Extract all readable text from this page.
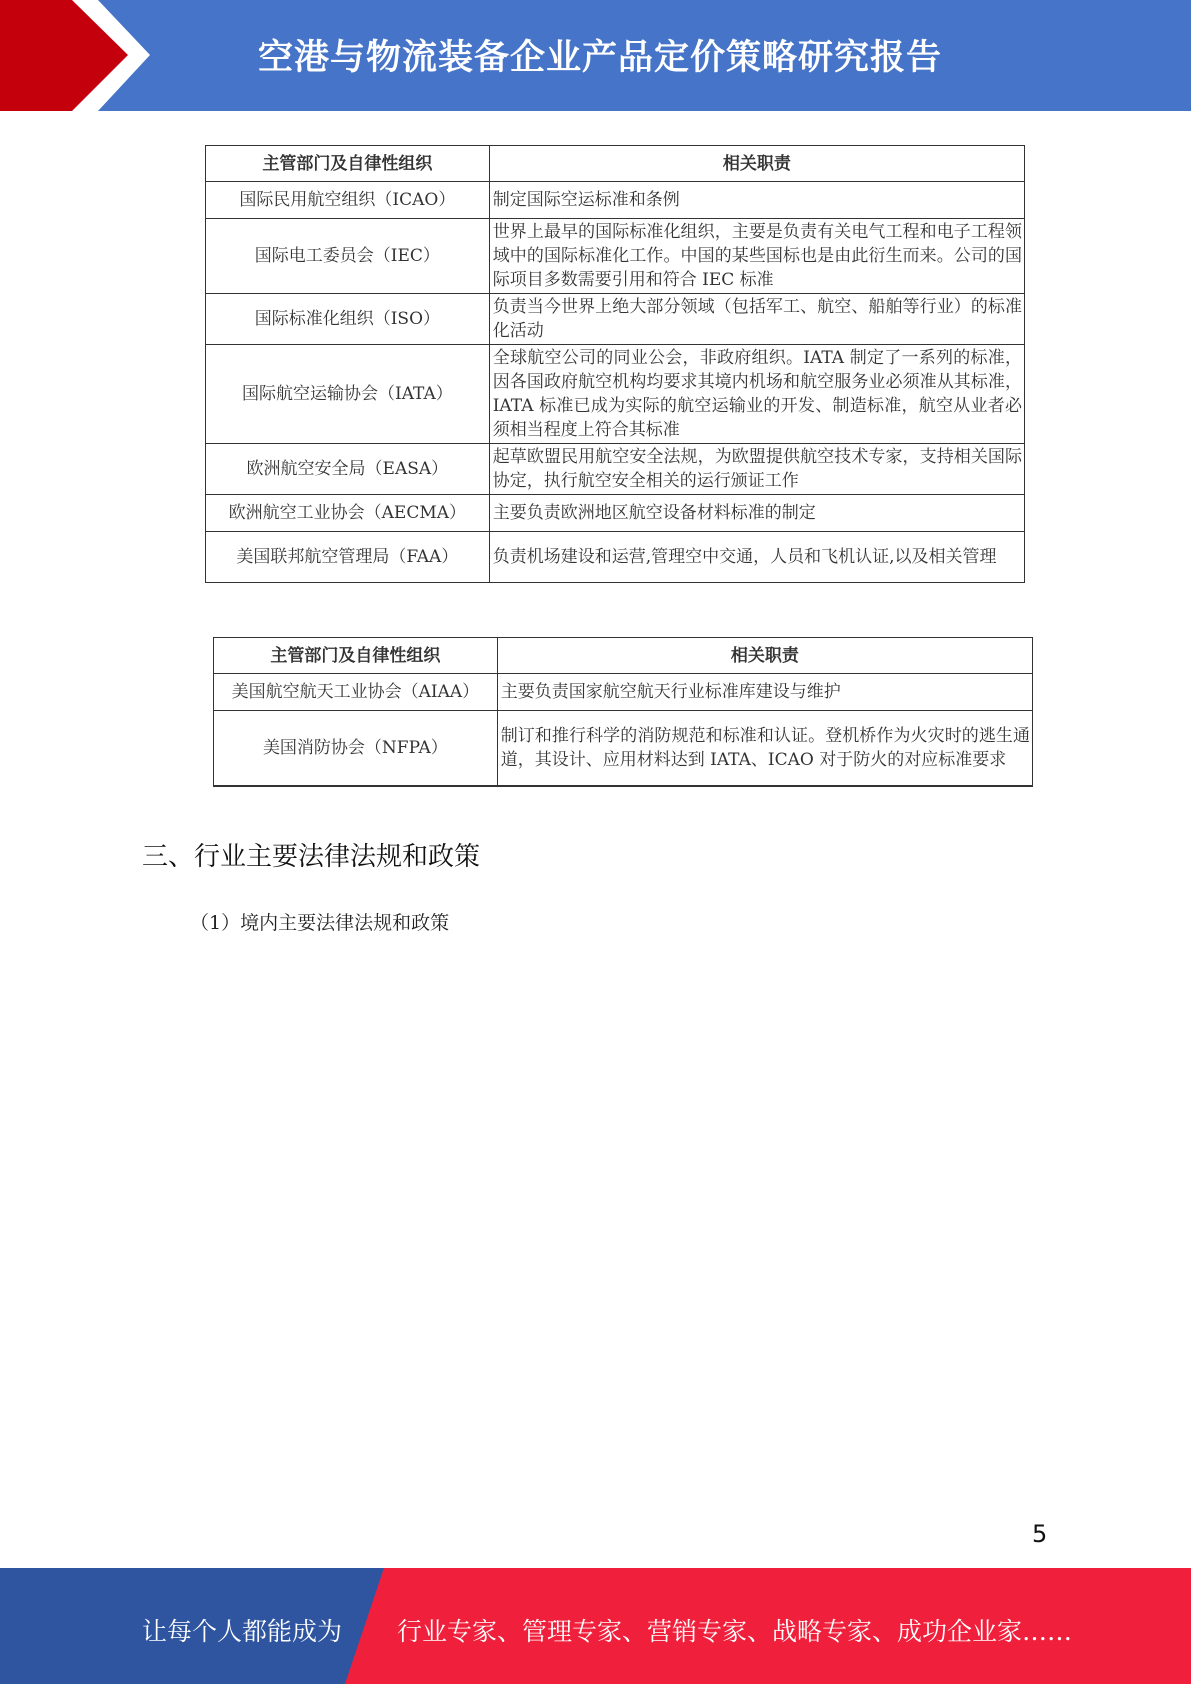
空港与物流装备企业产品定价策略研究报告
主管部门及自律性组织	相关职责
国际民用航空组织（ICAO）	制定国际空运标准和条例
国际电工委员会（IEC）	世界上最早的国际标准化组织，主要是负责有关电气工程和电子工程领域中的国际标准化工作。中国的某些国标也是由此衍生而来。公司的国际项目多数需要引用和符合 IEC 标准
国际标准化组织（ISO）	负责当今世界上绝大部分领域（包括军工、航空、船舶等行业）的标准化活动
国际航空运输协会（IATA）	全球航空公司的同业公会，非政府组织。IATA 制定了一系列的标准，因各国政府航空机构均要求其境内机场和航空服务业必须准从其标准，IATA 标准已成为实际的航空运输业的开发、制造标准，航空从业者必须相当程度上符合其标准
欧洲航空安全局（EASA）	起草欧盟民用航空安全法规，为欧盟提供航空技术专家，支持相关国际协定，执行航空安全相关的运行颁证工作
欧洲航空工业协会（AECMA）	主要负责欧洲地区航空设备材料标准的制定
美国联邦航空管理局（FAA）	负责机场建设和运营,管理空中交通，人员和飞机认证,以及相关管理
主管部门及自律性组织	相关职责
美国航空航天工业协会（AIAA）	主要负责国家航空航天行业标准库建设与维护
美国消防协会（NFPA）	制订和推行科学的消防规范和标准和认证。登机桥作为火灾时的逃生通道，其设计、应用材料达到 IATA、ICAO 对于防火的对应标准要求
三、行业主要法律法规和政策
（1）境内主要法律法规和政策
5
让每个人都能成为 行业专家、管理专家、营销专家、战略专家、成功企业家……
